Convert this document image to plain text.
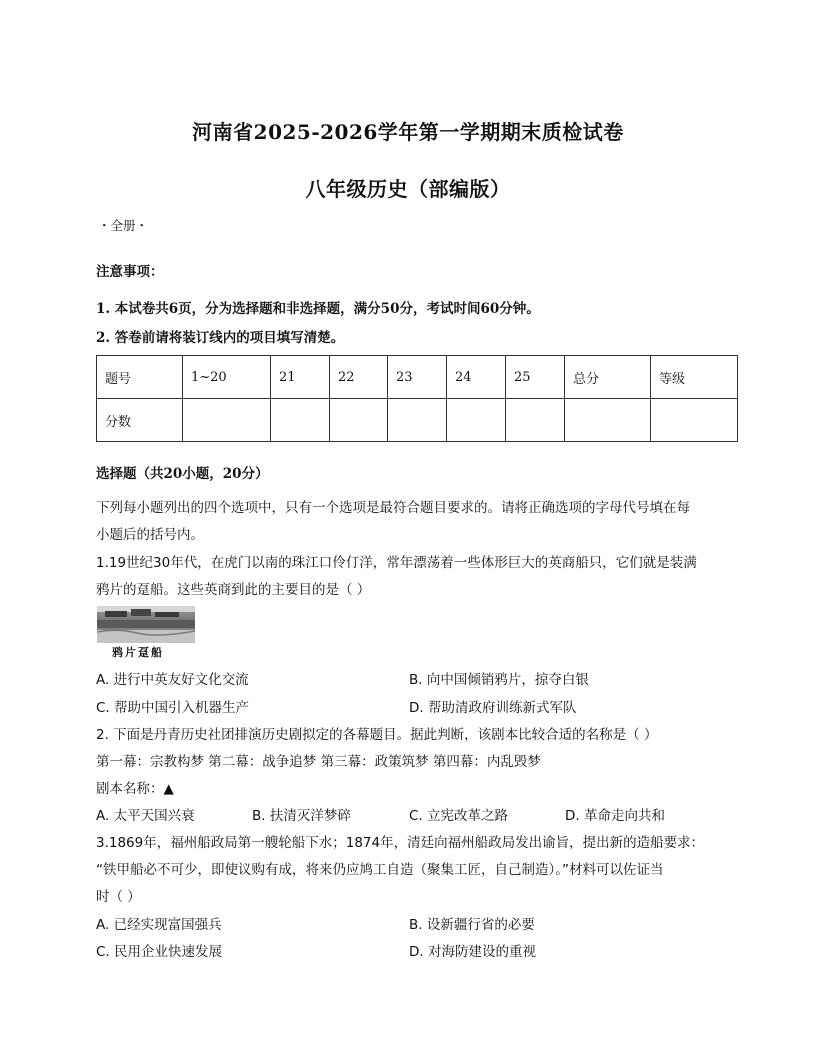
河南省2025-2026学年第一学期期末质检试卷
八年级历史（部编版）
・全册・
注意事项：
1. 本试卷共6页，分为选择题和非选择题，满分50分，考试时间60分钟。
2. 答卷前请将装订线内的项目填写清楚。
题号	1~20	21	22	23	24	25	总分	等级
分数								
选择题（共20小题，20分）
下列每小题列出的四个选项中，只有一个选项是最符合题目要求的。请将正确选项的字母代号填在每
小题后的括号内。
1.19世纪30年代，在虎门以南的珠江口伶仃洋，常年漂荡着一些体形巨大的英商船只，它们就是装满
鸦片的趸船。这些英商到此的主要目的是（ ）
鸦片趸船
A. 进行中英友好文化交流	B. 向中国倾销鸦片，掠夺白银
C. 帮助中国引入机器生产	D. 帮助清政府训练新式军队
2. 下面是丹青历史社团排演历史剧拟定的各幕题目。据此判断，该剧本比较合适的名称是（ ）
第一幕：宗教构梦 第二幕：战争追梦 第三幕：政策筑梦 第四幕：内乱毁梦
剧本名称：▲
A. 太平天国兴衰	B. 扶清灭洋梦碎	C. 立宪改革之路	D. 革命走向共和
3.1869年，福州船政局第一艘轮船下水；1874年，清廷向福州船政局发出谕旨，提出新的造船要求：
“铁甲船必不可少，即使议购有成，将来仍应鸠工自造（聚集工匠，自己制造）。”材料可以佐证当
时（ ）
A. 已经实现富国强兵	B. 设新疆行省的必要
C. 民用企业快速发展	D. 对海防建设的重视
